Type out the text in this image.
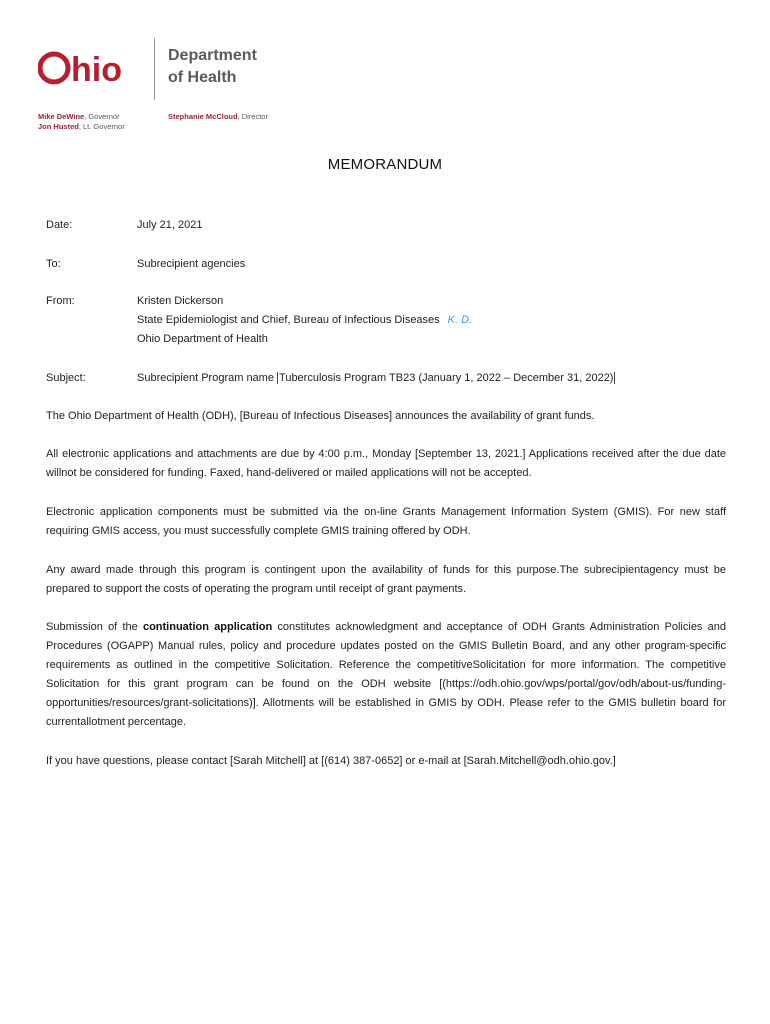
hio	Department
of Health
Mike DeWine, Governor
Jon Husted, Lt. Governor
Stephanie McCloud, Director
MEMORANDUM
Date:	July 21, 2021
To:	Subrecipient agencies
From:	Kristen Dickerson
State Epidemiologist and Chief, Bureau of Infectious Diseases K. D.
Ohio Department of Health
Subject:	Subrecipient Program name Tuberculosis Program TB23 (January 1, 2022 – December 31, 2022)
The Ohio Department of Health (ODH), [Bureau of Infectious Diseases] announces the availability of grant funds.
All electronic applications and attachments are due by 4:00 p.m., Monday [September 13, 2021.] Applications received after the due date willnot be considered for funding. Faxed, hand-delivered or mailed applications will not be accepted.
Electronic application components must be submitted via the on-line Grants Management Information System (GMIS). For new staff requiring GMIS access, you must successfully complete GMIS training offered by ODH.
Any award made through this program is contingent upon the availability of funds for this purpose.The subrecipientagency must be prepared to support the costs of operating the program until receipt of grant payments.
Submission of the continuation application constitutes acknowledgment and acceptance of ODH Grants Administration Policies and Procedures (OGAPP) Manual rules, policy and procedure updates posted on the GMIS Bulletin Board, and any other program-specific requirements as outlined in the competitive Solicitation. Reference the competitiveSolicitation for more information. The competitive Solicitation for this grant program can be found on the ODH website [(https://odh.ohio.gov/wps/portal/gov/odh/about-us/funding-opportunities/resources/grant-solicitations)]. Allotments will be established in GMIS by ODH. Please refer to the GMIS bulletin board for currentallotment percentage.
If you have questions, please contact [Sarah Mitchell] at [(614) 387-0652] or e-mail at [Sarah.Mitchell@odh.ohio.gov.]
